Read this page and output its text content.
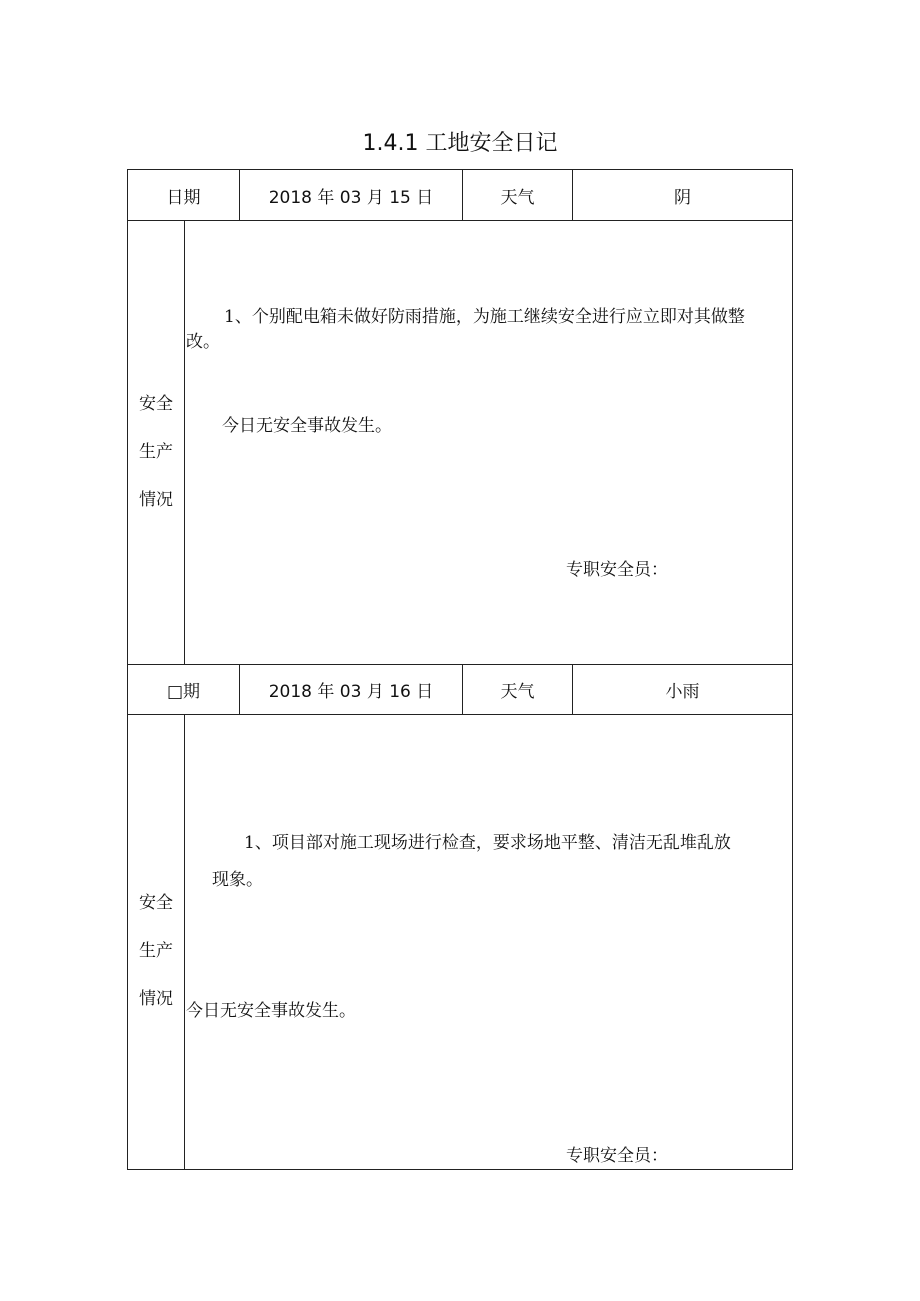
1.4.1 工地安全日记
日期	2018 年 03 月 15 日	天气	阴
安全
生产
情况
1、个别配电箱未做好防雨措施，为施工继续安全进行应立即对其做整
改。
今日无安全事故发生。
专职安全员：
□期	2018 年 03 月 16 日	天气	小雨
安全
生产
情况
1、项目部对施工现场进行检查，要求场地平整、清洁无乱堆乱放
现象。
今日无安全事故发生。
专职安全员：
